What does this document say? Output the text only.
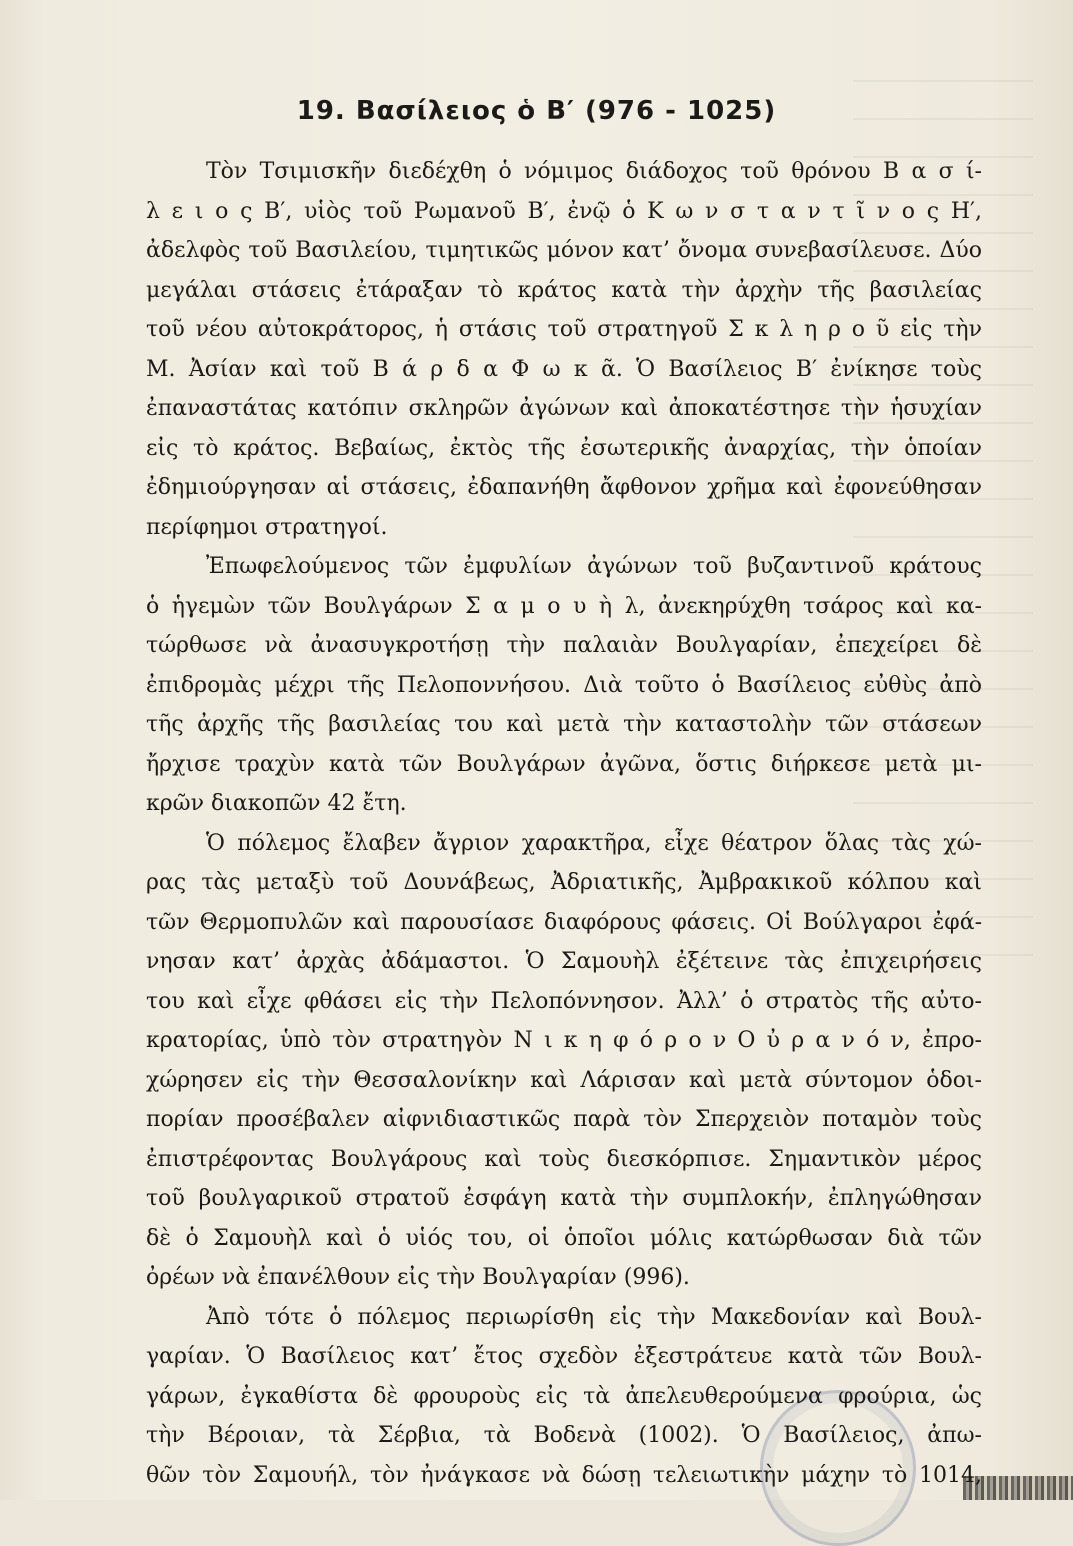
19. Βασίλειος ὁ Β′ (976 - 1025)
Τὸν Τσιμισκῆν διεδέχθη ὁ νόμιμος διάδοχος τοῦ θρόνου Β α σ ί-
λ ε ι ο ς Β′, υἱὸς τοῦ Ρωμανοῦ Β′, ἐνῷ ὁ Κ ω ν σ τ α ν τ ῖ ν ο ς Η′,
ἀδελφὸς τοῦ Βασιλείου, τιμητικῶς μόνον κατ’ ὄνομα συνεβασίλευσε. Δύο
μεγάλαι στάσεις ἐτάραξαν τὸ κράτος κατὰ τὴν ἀρχὴν τῆς βασιλείας
τοῦ νέου αὐτοκράτορος, ἡ στάσις τοῦ στρατηγοῦ Σ κ λ η ρ ο ῦ εἰς τὴν
Μ. Ἀσίαν καὶ τοῦ Β ά ρ δ α Φ ω κ ᾶ. Ὁ Βασίλειος Β′ ἐνίκησε τοὺς
ἐπαναστάτας κατόπιν σκληρῶν ἀγώνων καὶ ἀποκατέστησε τὴν ἡσυχίαν
εἰς τὸ κράτος. Βεβαίως, ἐκτὸς τῆς ἐσωτερικῆς ἀναρχίας, τὴν ὁποίαν
ἐδημιούργησαν αἱ στάσεις, ἐδαπανήθη ἄφθονον χρῆμα καὶ ἐφονεύθησαν
περίφημοι στρατηγοί.
Ἐπωφελούμενος τῶν ἐμφυλίων ἀγώνων τοῦ βυζαντινοῦ κράτους
ὁ ἡγεμὼν τῶν Βουλγάρων Σ α μ ο υ ὴ λ, ἀνεκηρύχθη τσάρος καὶ κα-
τώρθωσε νὰ ἀνασυγκροτήσῃ τὴν παλαιὰν Βουλγαρίαν, ἐπεχείρει δὲ
ἐπιδρομὰς μέχρι τῆς Πελοποννήσου. Διὰ τοῦτο ὁ Βασίλειος εὐθὺς ἀπὸ
τῆς ἀρχῆς τῆς βασιλείας του καὶ μετὰ τὴν καταστολὴν τῶν στάσεων
ἤρχισε τραχὺν κατὰ τῶν Βουλγάρων ἀγῶνα, ὅστις διήρκεσε μετὰ μι-
κρῶν διακοπῶν 42 ἔτη.
Ὁ πόλεμος ἔλαβεν ἄγριον χαρακτῆρα, εἶχε θέατρον ὅλας τὰς χώ-
ρας τὰς μεταξὺ τοῦ Δουνάβεως, Ἀδριατικῆς, Ἀμβρακικοῦ κόλπου καὶ
τῶν Θερμοπυλῶν καὶ παρουσίασε διαφόρους φάσεις. Οἱ Βούλγαροι ἐφά-
νησαν κατ’ ἀρχὰς ἀδάμαστοι. Ὁ Σαμουὴλ ἐξέτεινε τὰς ἐπιχειρήσεις
του καὶ εἶχε φθάσει εἰς τὴν Πελοπόννησον. Ἀλλ’ ὁ στρατὸς τῆς αὐτο-
κρατορίας, ὑπὸ τὸν στρατηγὸν Ν ι κ η φ ό ρ ο ν Ο ὐ ρ α ν ό ν, ἐπρο-
χώρησεν εἰς τὴν Θεσσαλονίκην καὶ Λάρισαν καὶ μετὰ σύντομον ὁδοι-
πορίαν προσέβαλεν αἰφνιδιαστικῶς παρὰ τὸν Σπερχειὸν ποταμὸν τοὺς
ἐπιστρέφοντας Βουλγάρους καὶ τοὺς διεσκόρπισε. Σημαντικὸν μέρος
τοῦ βουλγαρικοῦ στρατοῦ ἐσφάγη κατὰ τὴν συμπλοκήν, ἐπληγώθησαν
δὲ ὁ Σαμουὴλ καὶ ὁ υἱός του, οἱ ὁποῖοι μόλις κατώρθωσαν διὰ τῶν
ὀρέων νὰ ἐπανέλθουν εἰς τὴν Βουλγαρίαν (996).
Ἀπὸ τότε ὁ πόλεμος περιωρίσθη εἰς τὴν Μακεδονίαν καὶ Βουλ-
γαρίαν. Ὁ Βασίλειος κατ’ ἔτος σχεδὸν ἐξεστράτευε κατὰ τῶν Βουλ-
γάρων, ἐγκαθίστα δὲ φρουροὺς εἰς τὰ ἀπελευθερούμενα φρούρια, ὡς
τὴν Βέροιαν, τὰ Σέρβια, τὰ Βοδενὰ (1002). Ὁ Βασίλειος, ἀπω-
θῶν τὸν Σαμουήλ, τὸν ἠνάγκασε νὰ δώσῃ τελειωτικὴν μάχην τὸ 1014,
